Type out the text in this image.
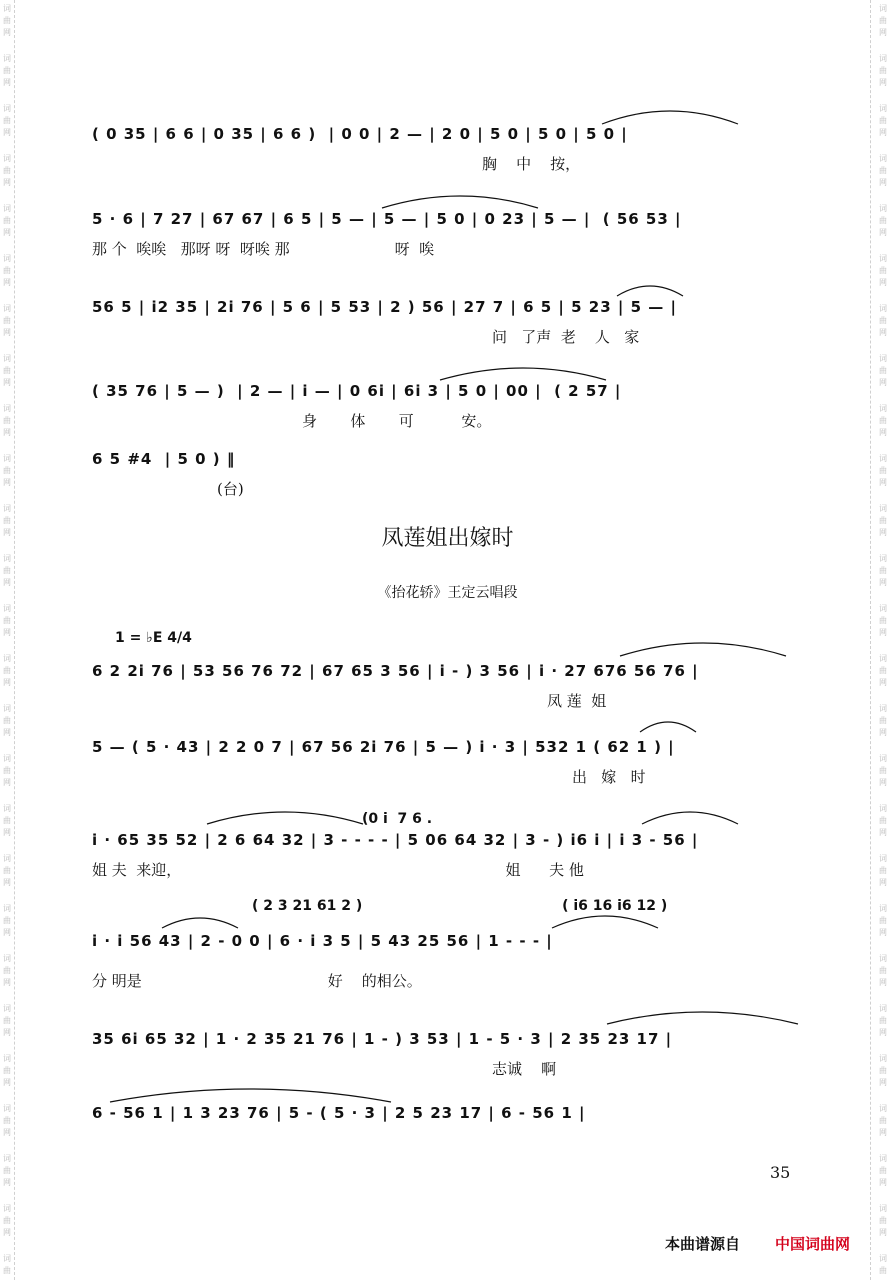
词
曲
网
词
曲
网
词
曲
网
词
曲
网
词
曲
网
词
曲
网
词
曲
网
词
曲
网
词
曲
网
词
曲
网
词
曲
网
词
曲
网
词
曲
网
词
曲
网
词
曲
网
词
曲
网
词
曲
网
词
曲
网
词
曲
网
词
曲
网
词
曲
网
词
曲
网
词
曲
网
词
曲
网
词
曲
网
词
曲
词
曲
网
词
曲
网
词
曲
网
词
曲
网
词
曲
网
词
曲
网
词
曲
网
词
曲
网
词
曲
网
词
曲
网
词
曲
网
词
曲
网
词
曲
网
词
曲
网
词
曲
网
词
曲
网
词
曲
网
词
曲
网
词
曲
网
词
曲
网
词
曲
网
词
曲
网
词
曲
网
词
曲
网
词
曲
网
词
曲
( 0 35 | 6 6 | 0 35 | 6 6 )  | 0 0 | 2 — | 2 0 | 5 0 | 5 0 | 5 0 |
胸    中    按，
5 · 6 | 7 27 | 67 67 | 6 5 | 5 — | 5 — | 5 0 | 0 23 | 5 — |  ( 56 53 |
那 个  唉唉   那呀 呀  呀唉 那                      呀  唉
56 5 | i2 35 | 2i 76 | 5 6 | 5 53 | 2 ) 56 | 27 7 | 6 5 | 5 23 | 5 — |
问   了声  老    人   家
( 35 76 | 5 — )  | 2 — | i — | 0 6i | 6i 3 | 5 0 | 00 |  ( 2 57 |
身       体       可          安。
6 5 #4  | 5 0 ) ‖
(台)
凤莲姐出嫁时
《抬花轿》王定云唱段
1 = ♭E 4/4
6 2 2i 76 | 53 56 76 72 | 67 65 3 56 | i - ) 3 56 | i · 27 676 56 76 |
凤 莲  姐
5 — ( 5 · 43 | 2 2 0 7 | 67 56 2i 76 | 5 — ) i · 3 | 532 1 ( 62 1 ) |
出   嫁   时
(0 i  7 6 .
i · 65 35 52 | 2 6 64 32 | 3 - - - - | 5 06 64 32 | 3 - ) i6 i | i 3 - 56 |
姐 夫  来迎，                                                                    姐      夫 他
( 2 3 21 61 2 )                                         ( i6 16 i6 12 )
i · i 56 43 | 2 - 0 0 | 6 · i 3 5 | 5 43 25 56 | 1 - - - |
分 明是                                       好    的相公。
35 6i 65 32 | 1 · 2 35 21 76 | 1 - ) 3 53 | 1 - 5 · 3 | 2 35 23 17 |
志诚    啊
6 - 56 1 | 1 3 23 76 | 5 - ( 5 · 3 | 2 5 23 17 | 6 - 56 1 |
35
本曲谱源自 中国词曲网
